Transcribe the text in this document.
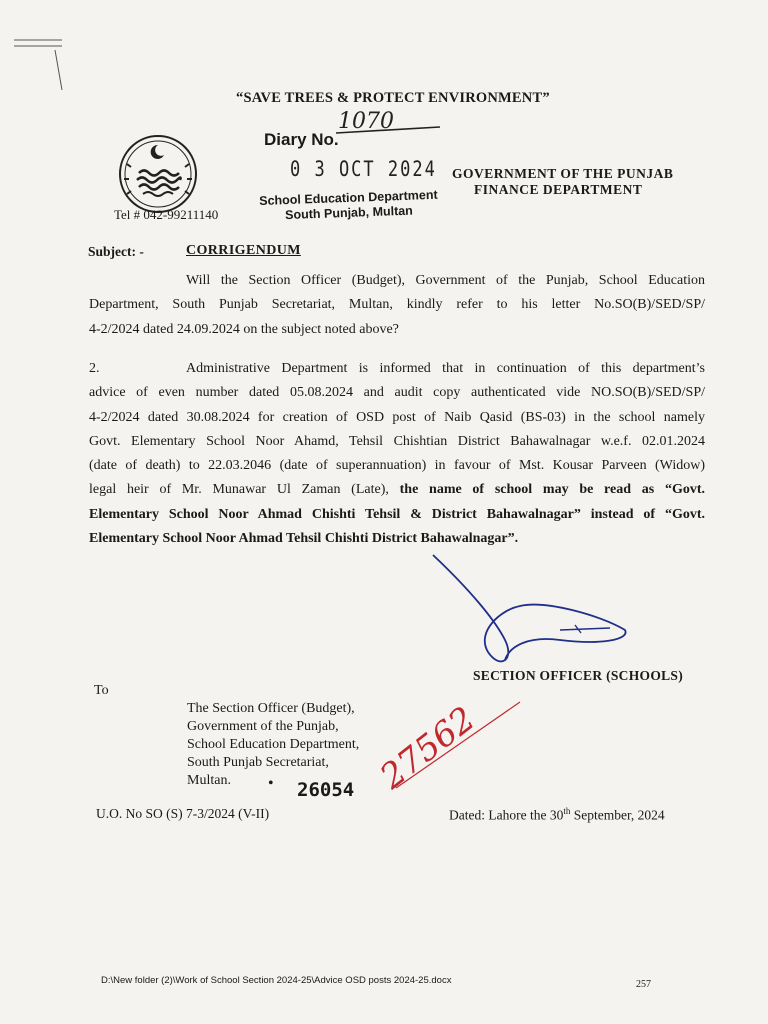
“SAVE TREES & PROTECT ENVIRONMENT”
Diary No.
1070
0 3 OCT 2024
School Education Department
South Punjab, Multan
GOVERNMENT OF THE PUNJAB
FINANCE DEPARTMENT
Tel # 042-99211140
Subject: -	CORRIGENDUM
Will the Section Officer (Budget), Government of the Punjab, School Education
Department, South Punjab Secretariat, Multan, kindly refer to his letter No.SO(B)/SED/SP/
4-2/2024 dated 24.09.2024 on the subject noted above?
2.	Administrative Department is informed that in continuation of this department’s
advice of even number dated 05.08.2024 and audit copy authenticated vide NO.SO(B)/SED/SP/
4-2/2024 dated 30.08.2024 for creation of OSD post of Naib Qasid (BS-03) in the school namely
Govt. Elementary School Noor Ahamd, Tehsil Chishtian District Bahawalnagar w.e.f. 02.01.2024
(date of death) to 22.03.2046 (date of superannuation) in favour of Mst. Kousar Parveen (Widow)
legal heir of Mr. Munawar Ul Zaman (Late), the name of school may be read as “Govt.
Elementary School Noor Ahmad Chishti Tehsil & District Bahawalnagar” instead of “Govt.
Elementary School Noor Ahmad Tehsil Chishti District Bahawalnagar”.
SECTION OFFICER (SCHOOLS)
To
The Section Officer (Budget),
Government of the Punjab,
School Education Department,
South Punjab Secretariat,
Multan.	• 26054
U.O. No SO (S) 7-3/2024 (V-II)	Dated: Lahore the 30th September, 2024
D:\New folder (2)\Work of School Section 2024-25\Advice OSD posts 2024-25.docx	257
27562
